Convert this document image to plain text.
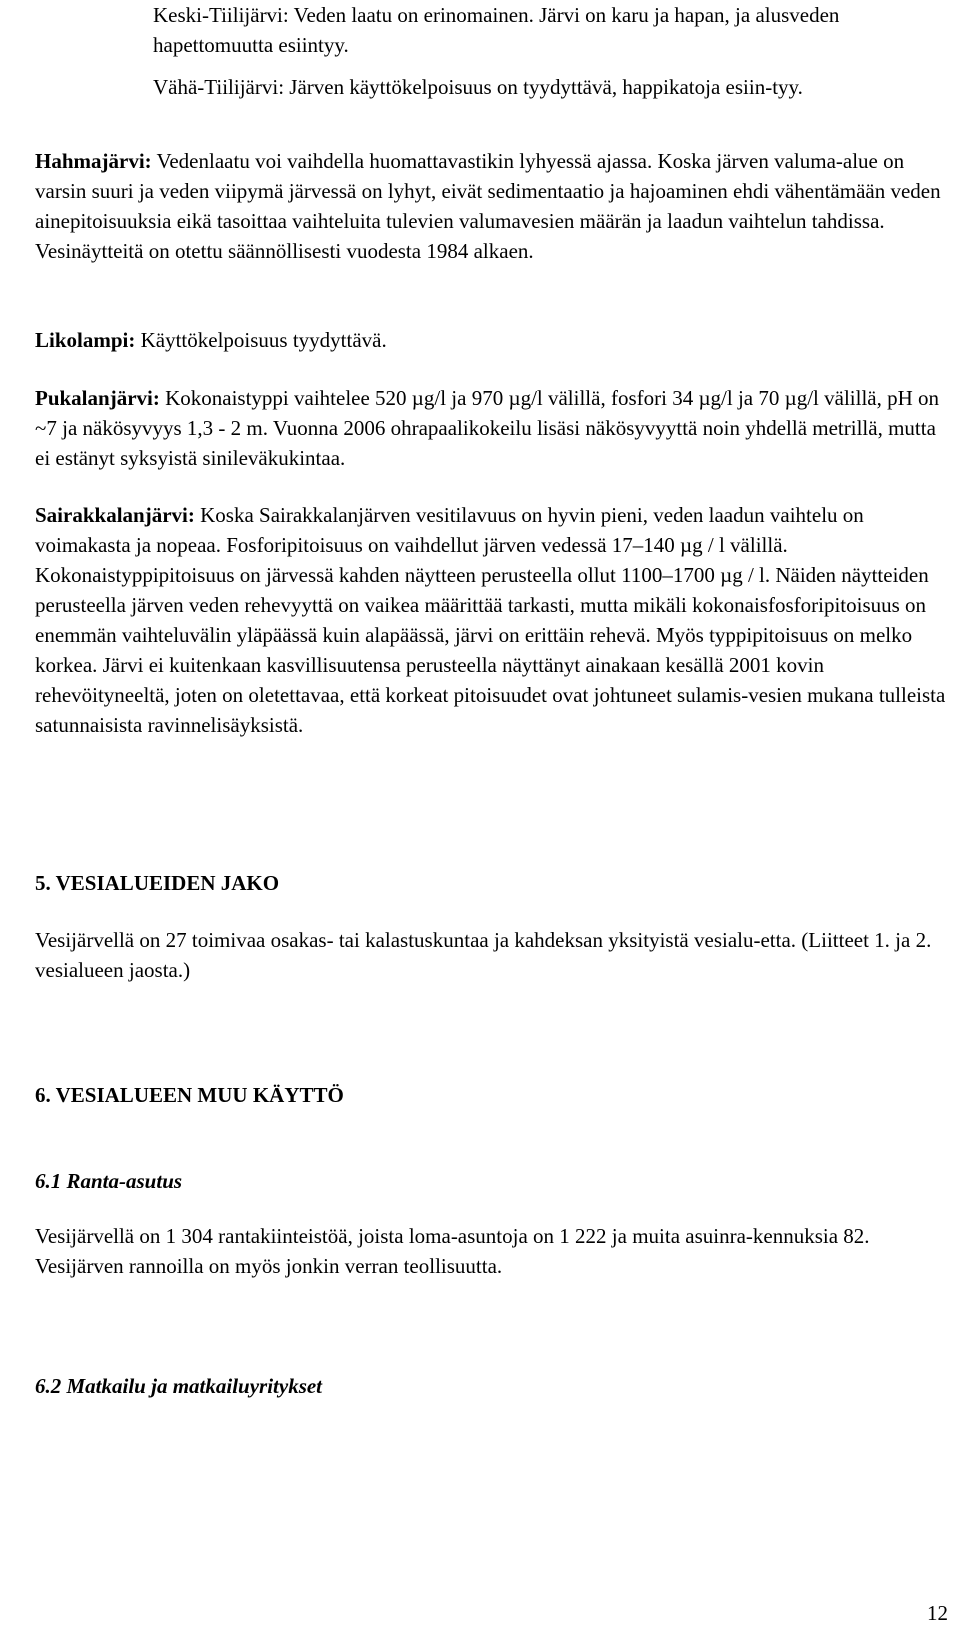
Keski-Tiilijärvi: Veden laatu on erinomainen. Järvi on karu ja hapan, ja alusveden hapettomuutta esiintyy.

Vähä-Tiilijärvi: Järven käyttökelpoisuus on tyydyttävä, happikatoja esiin-tyy.

Hahmajärvi: Vedenlaatu voi vaihdella huomattavastikin lyhyessä ajassa. Koska järven valuma-alue on varsin suuri ja veden viipymä järvessä on lyhyt, eivät sedimentaatio ja hajoaminen ehdi vähentämään veden ainepitoisuuksia eikä tasoittaa vaihteluita tulevien valumavesien määrän ja laadun vaihtelun tahdissa. Vesinäytteitä on otettu säännöllisesti vuodesta 1984 alkaen.

Likolampi: Käyttökelpoisuus tyydyttävä.

Pukalanjärvi: Kokonaistyppi vaihtelee 520 µg/l ja 970 µg/l välillä, fosfori 34 µg/l ja 70 µg/l välillä, pH on ~7 ja näkösyvyys 1,3 - 2 m. Vuonna 2006 ohrapaalikokeilu lisäsi näkösyvyyttä noin yhdellä metrillä, mutta ei estänyt syksyistä sinileväkukintaa.

Sairakkalanjärvi: Koska Sairakkalanjärven vesitilavuus on hyvin pieni, veden laadun vaihtelu on voimakasta ja nopeaa. Fosforipitoisuus on vaihdellut järven vedessä 17–140 µg / l välillä. Kokonaistyppipitoisuus on järvessä kahden näytteen perusteella ollut 1100–1700 µg / l. Näiden näytteiden perusteella järven veden rehevyyttä on vaikea määrittää tarkasti, mutta mikäli kokonaisfosforipitoisuus on enemmän vaihteluvälin yläpäässä kuin alapäässä, järvi on erittäin rehevä. Myös typpipitoisuus on melko korkea. Järvi ei kuitenkaan kasvillisuutensa perusteella näyttänyt ainakaan kesällä 2001 kovin rehevöityneeltä, joten on oletettavaa, että korkeat pitoisuudet ovat johtuneet sulamis-vesien mukana tulleista satunnaisista ravinnelisäyksistä.

5. VESIALUEIDEN JAKO

Vesijärvellä on 27 toimivaa osakas- tai kalastuskuntaa ja kahdeksan yksityistä vesialu-etta. (Liitteet 1. ja 2. vesialueen jaosta.)

6. VESIALUEEN MUU KÄYTTÖ
6.1 Ranta-asutus

Vesijärvellä on 1 304 rantakiinteistöä, joista loma-asuntoja on 1 222 ja muita asuinra-kennuksia 82. Vesijärven rannoilla on myös jonkin verran teollisuutta.

6.2 Matkailu ja matkailuyritykset
12
